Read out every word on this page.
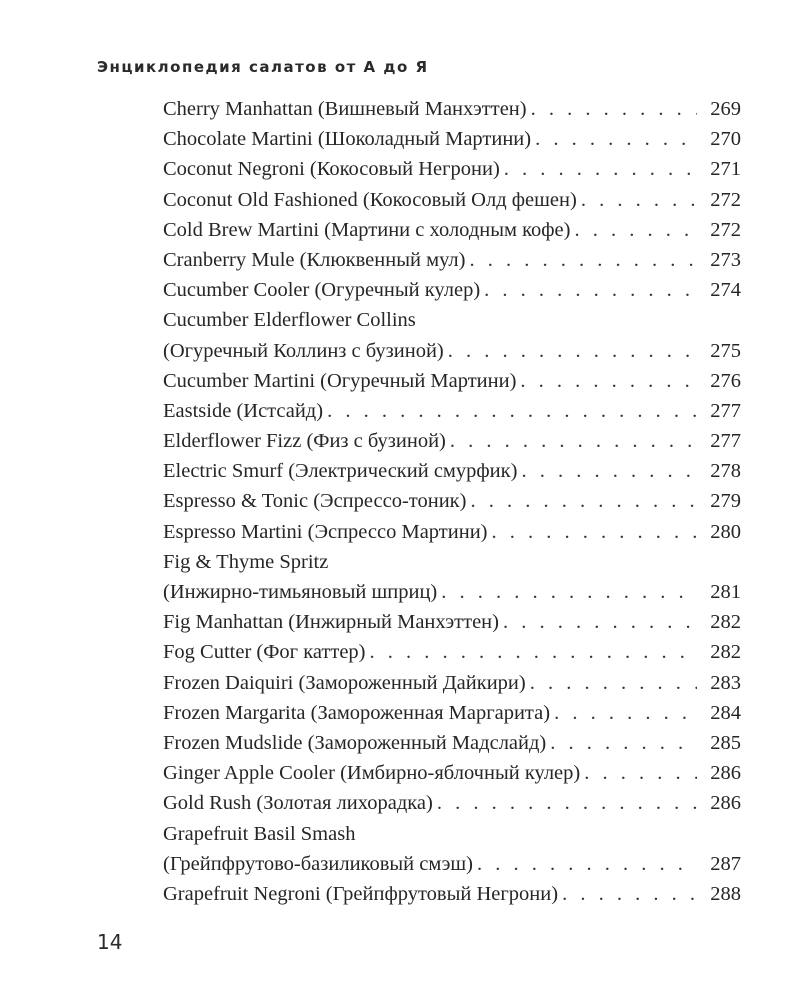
Энциклопедия салатов от А до Я
Cherry Manhattan (Вишневый Манхэттен) . . .	269
Chocolate Martini (Шоколадный Мартини) . . .	270
Coconut Negroni (Кокосовый Негрони) . . .	271
Coconut Old Fashioned (Кокосовый Олд фешен) . . .	272
Cold Brew Martini (Мартини с холодным кофе) . . .	272
Cranberry Mule (Клюквенный мул) . . .	273
Cucumber Cooler (Огуречный кулер) . . .	274
Cucumber Elderflower Collins
(Огуречный Коллинз с бузиной) . . .	275
Cucumber Martini (Огуречный Мартини) . . .	276
Eastside (Истсайд) . . .	277
Elderflower Fizz (Физ с бузиной) . . .	277
Electric Smurf (Электрический смурфик) . . .	278
Espresso & Tonic (Эспрессо-тоник) . . .	279
Espresso Martini (Эспрессо Мартини) . . .	280
Fig & Thyme Spritz
(Инжирно-тимьяновый шприц) . . .	281
Fig Manhattan (Инжирный Манхэттен) . . .	282
Fog Cutter (Фог каттер) . . .	282
Frozen Daiquiri (Замороженный Дайкири) . . .	283
Frozen Margarita (Замороженная Маргарита) . . .	284
Frozen Mudslide (Замороженный Мадслайд) . . .	285
Ginger Apple Cooler (Имбирно-яблочный кулер) . . .	286
Gold Rush (Золотая лихорадка) . . .	286
Grapefruit Basil Smash
(Грейпфрутово-базиликовый смэш) . . .	287
Grapefruit Negroni (Грейпфрутовый Негрони) . . .	288
14
